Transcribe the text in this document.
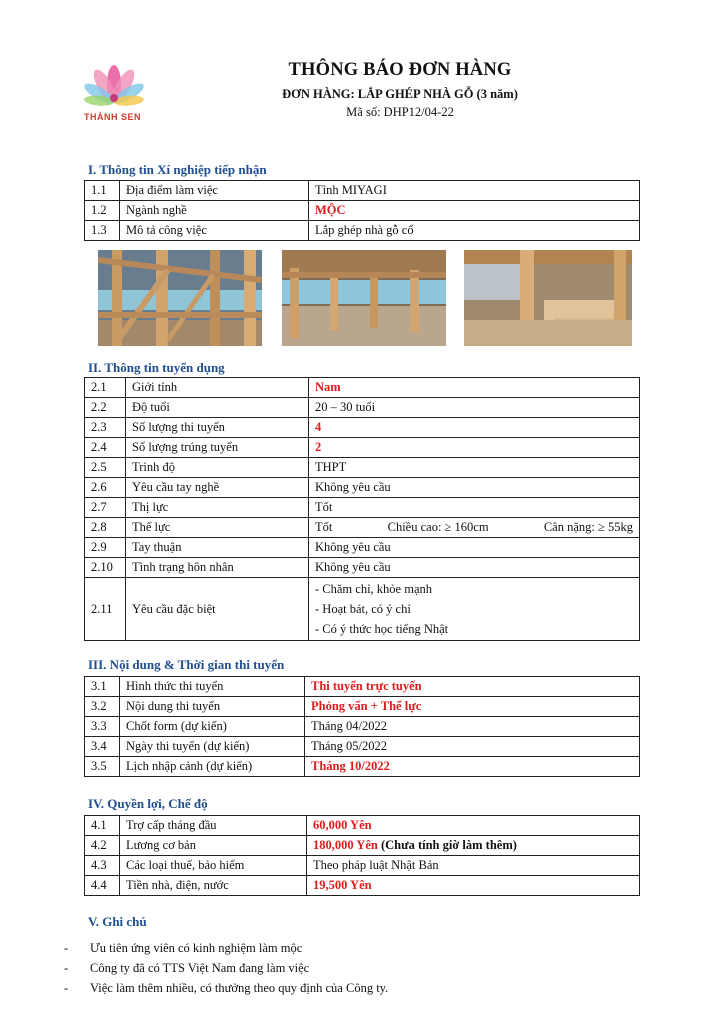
THÀNH SEN
THÔNG BÁO ĐƠN HÀNG
ĐƠN HÀNG: LẮP GHÉP NHÀ GỖ (3 năm)
Mã số: DHP12/04-22
I. Thông tin Xí nghiệp tiếp nhận
1.1	Địa điểm làm việc	Tỉnh MIYAGI
1.2	Ngành nghề	MỘC
1.3	Mô tả công việc	Lắp ghép nhà gỗ cổ
II. Thông tin tuyển dụng
2.1	Giới tính	Nam
2.2	Độ tuổi	20 – 30 tuổi
2.3	Số lượng thi tuyển	4
2.4	Số lượng trúng tuyển	2
2.5	Trình độ	THPT
2.6	Yêu cầu tay nghề	Không yêu cầu
2.7	Thị lực	Tốt
2.8	Thể lực	Tốt Chiều cao: ≥ 160cm Cân nặng: ≥ 55kg

2.9	Tay thuận	Không yêu cầu
2.10	Tình trạng hôn nhân	Không yêu cầu
2.11	Yêu cầu đặc biệt	- Chăm chỉ, khỏe mạnh
- Hoạt bát, có ý chí
- Có ý thức học tiếng Nhật
III. Nội dung & Thời gian thi tuyển
3.1	Hình thức thi tuyển	Thi tuyển trực tuyến
3.2	Nội dung thi tuyển	Phỏng vấn + Thể lực
3.3	Chốt form (dự kiến)	Tháng 04/2022
3.4	Ngày thi tuyển (dự kiến)	Tháng 05/2022
3.5	Lịch nhập cảnh (dự kiến)	Tháng 10/2022
IV. Quyền lợi, Chế độ
4.1	Trợ cấp tháng đầu	60,000 Yên
4.2	Lương cơ bản	180,000 Yên (Chưa tính giờ làm thêm)
4.3	Các loại thuế, bảo hiểm	Theo pháp luật Nhật Bản
4.4	Tiền nhà, điện, nước	19,500 Yên
V. Ghi chú
-	Ưu tiên ứng viên có kinh nghiệm làm mộc
-	Công ty đã có TTS Việt Nam đang làm việc
-	Việc làm thêm nhiều, có thưởng theo quy định của Công ty.
